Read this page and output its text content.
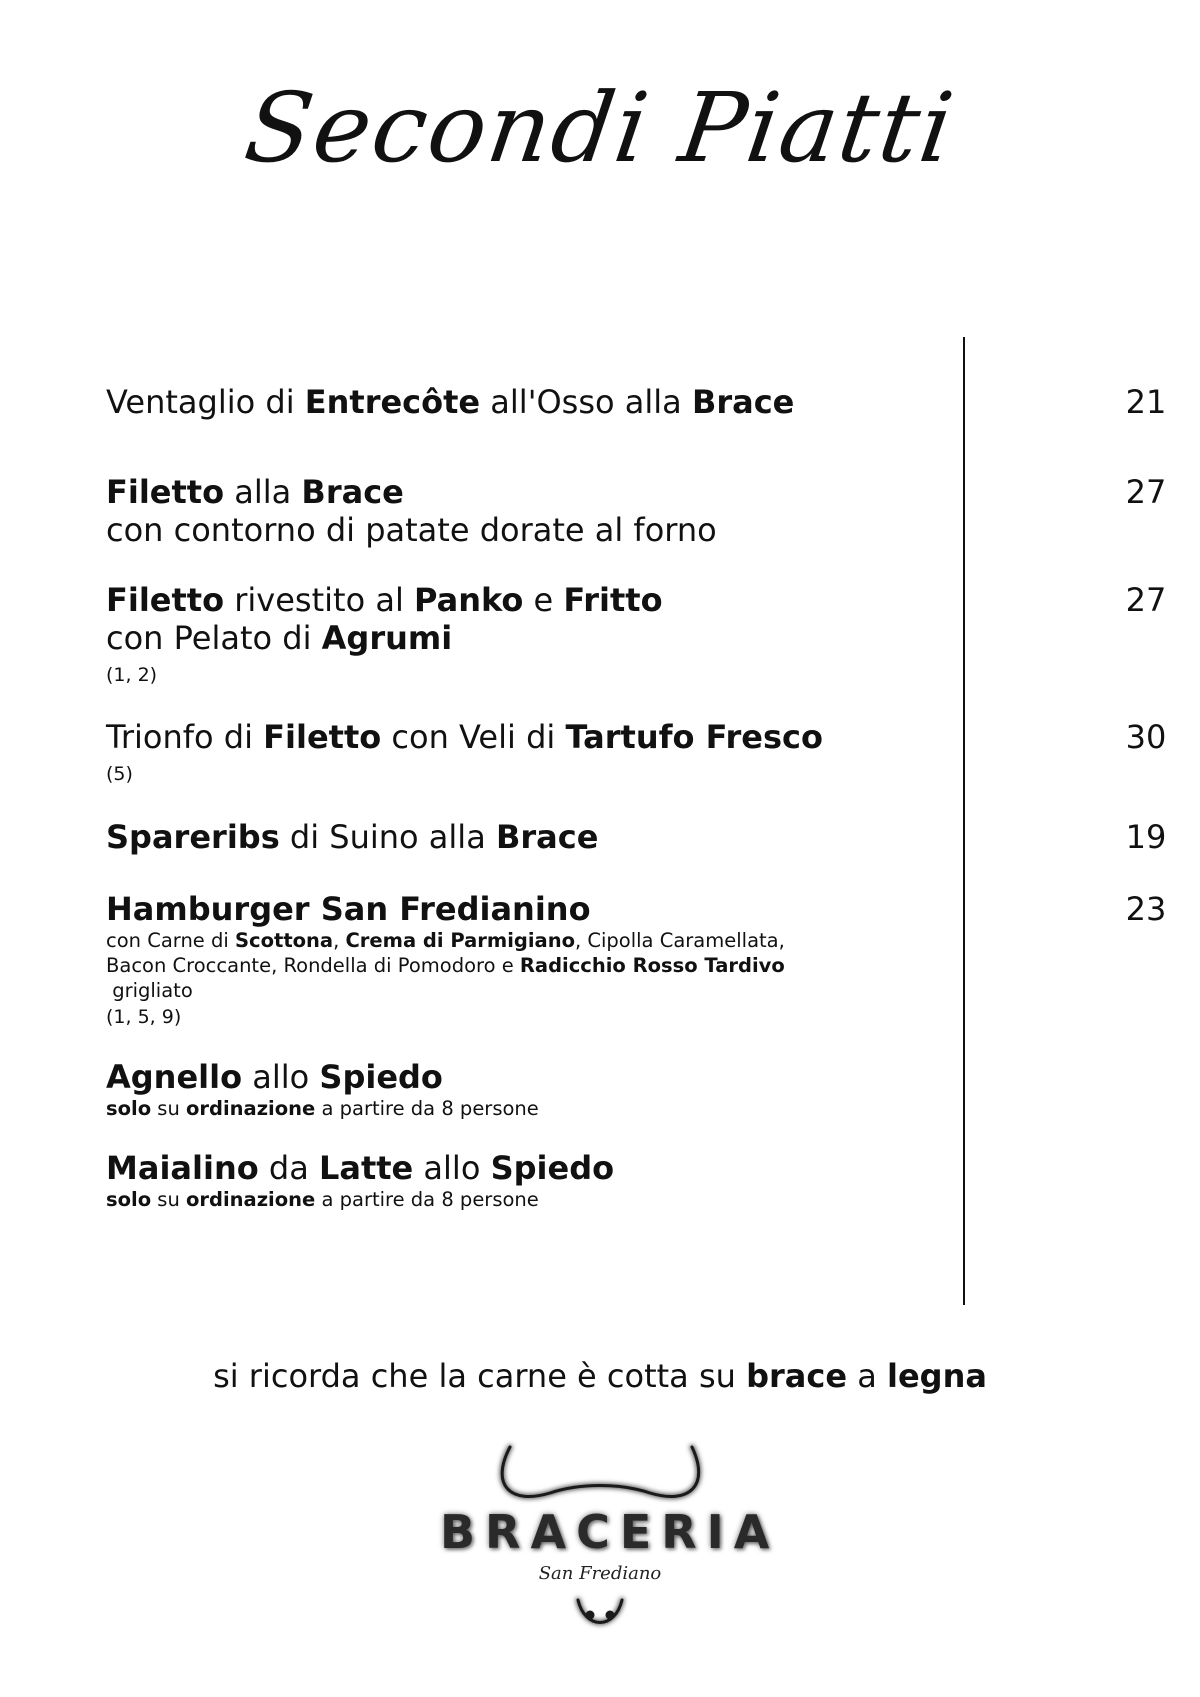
Secondi Piatti
Ventaglio di Entrecôte all'Osso alla Brace	21
Filetto alla Brace
con contorno di patate dorate al forno
27
Filetto rivestito al Panko e Fritto
con Pelato di Agrumi
(1, 2)
27
Trionfo di Filetto con Veli di Tartufo Fresco
(5)
30
Spareribs di Suino alla Brace	19
Hamburger San Fredianino
con Carne di Scottona, Crema di Parmigiano, Cipolla Caramellata,
Bacon Croccante, Rondella di Pomodoro e Radicchio Rosso Tardivo
grigliato
(1, 5, 9)
23
Agnello allo Spiedo
solo su ordinazione a partire da 8 persone
Maialino da Latte allo Spiedo
solo su ordinazione a partire da 8 persone
si ricorda che la carne è cotta su brace a legna
BRACERIA
San Frediano
